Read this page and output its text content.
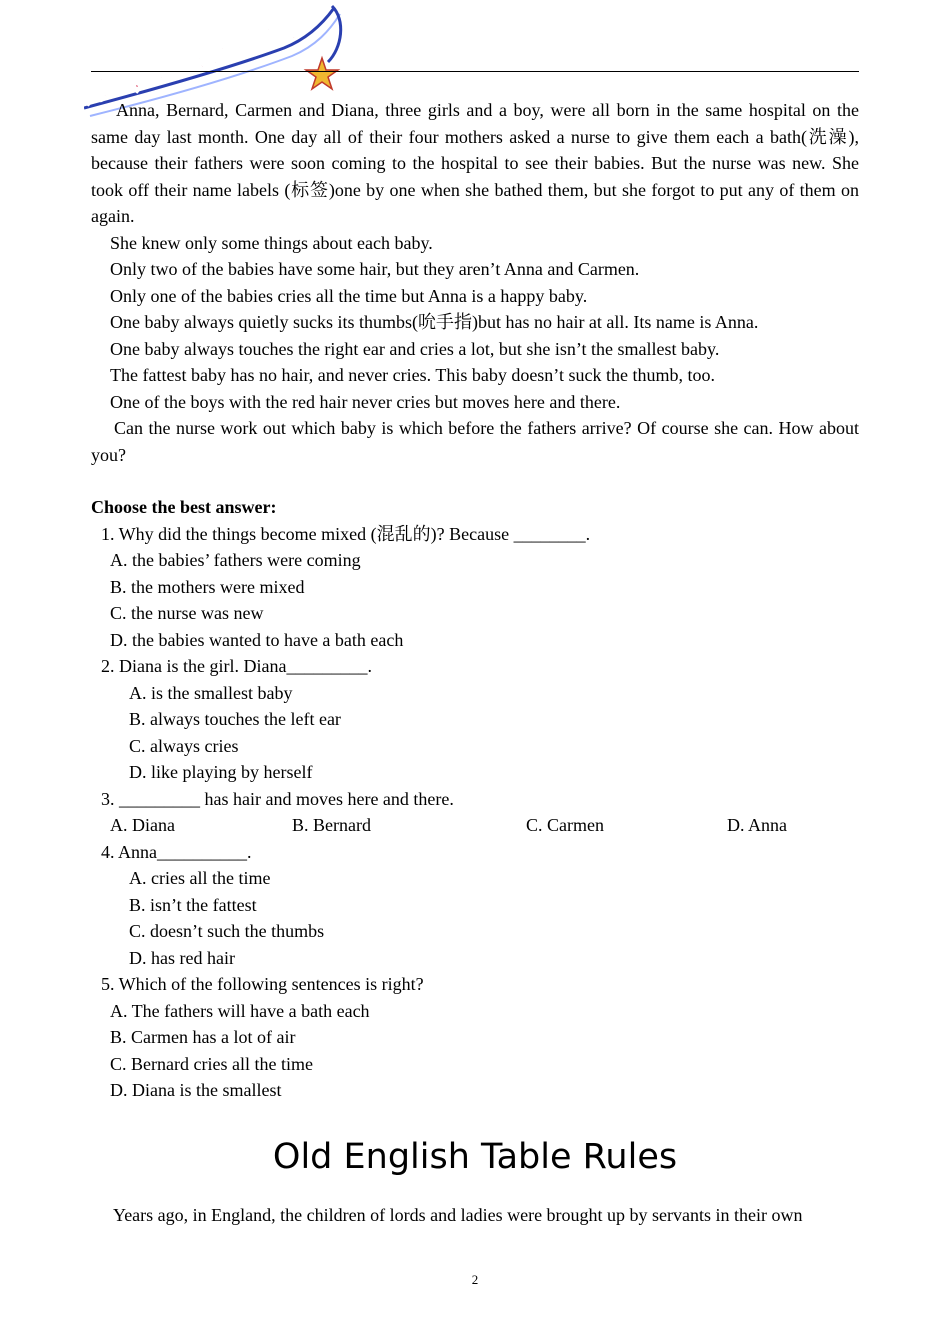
邦德，让孩子更优秀

Anna, Bernard, Carmen and Diana, three girls and a boy, were all born in the same hospital on the same day last month. One day all of their four mothers asked a nurse to give them each a bath(洗澡), because their fathers were soon coming to the hospital to see their babies. But the nurse was new. She took off their name labels (标签)one by one when she bathed them, but she forgot to put any of them on again.

She knew only some things about each baby.

Only two of the babies have some hair, but they aren’t Anna and Carmen.

Only one of the babies cries all the time but Anna is a happy baby.

One baby always quietly sucks its thumbs(吮手指)but has no hair at all. Its name is Anna.

One baby always touches the right ear and cries a lot, but she isn’t the smallest baby.

The fattest baby has no hair, and never cries. This baby doesn’t suck the thumb, too.

One of the boys with the red hair never cries but moves here and there.

Can the nurse work out which baby is which before the fathers arrive? Of course she can. How about you?

Choose the best answer:

1. Why did the things become mixed (混乱的)? Because ________.

A. the babies’ fathers were coming

B. the mothers were mixed

C. the nurse was new

D. the babies wanted to have a bath each

2. Diana is the girl. Diana_________.

A. is the smallest baby

B. always touches the left ear

C. always cries

D. like playing by herself

3. _________ has hair and moves here and there.

A. Diana	B. Bernard	C. Carmen	D. Anna

4. Anna__________.

A. cries all the time

B. isn’t the fattest

C. doesn’t such the thumbs

D. has red hair

5. Which of the following sentences is right?

A. The fathers will have a bath each

B. Carmen has a lot of air

C. Bernard cries all the time

D. Diana is the smallest

Old English Table Rules

Years ago, in England, the children of lords and ladies were brought up by servants in their own

2
